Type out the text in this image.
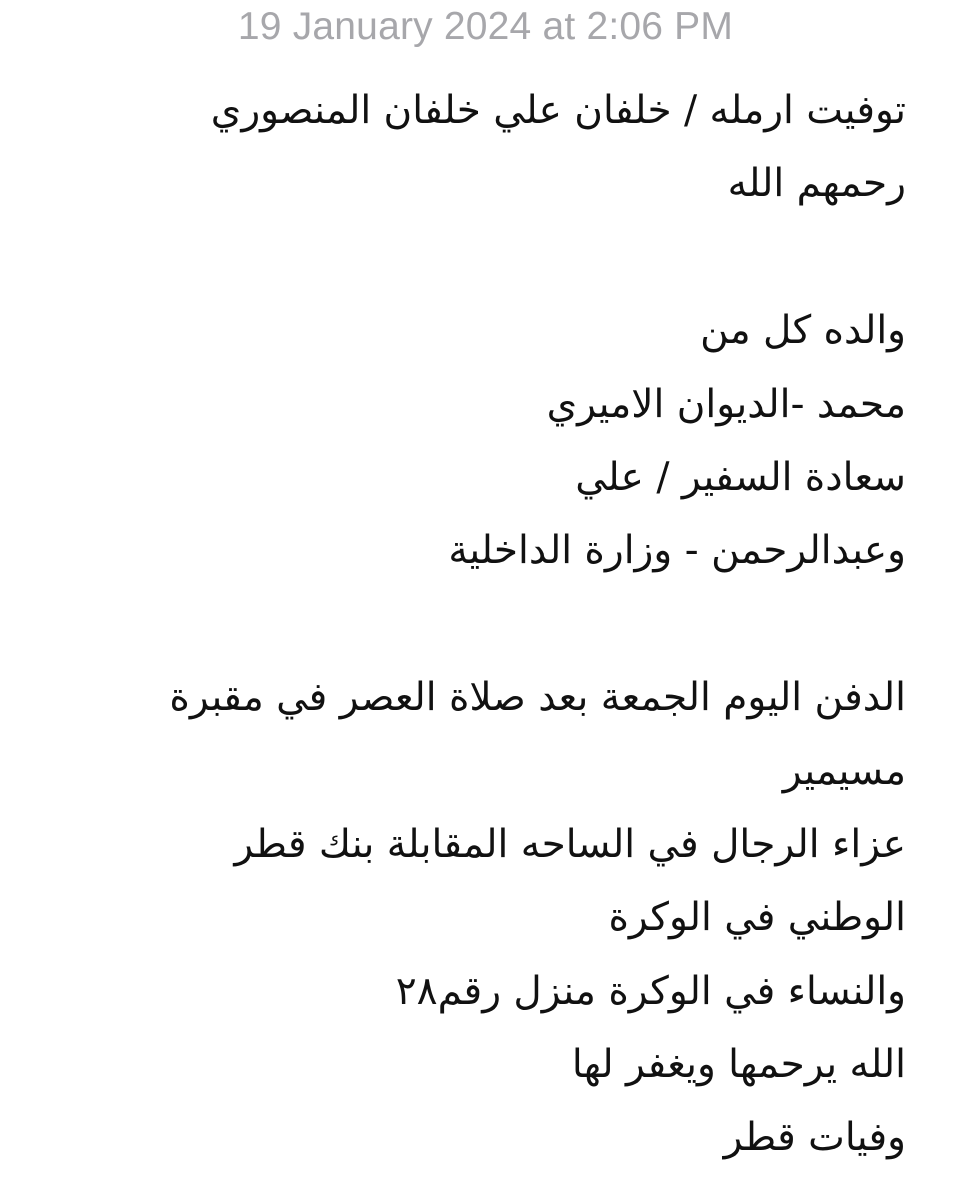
19 January 2024 at 2:06 PM
توفيت ارمله / خلفان علي خلفان المنصوري
رحمهم الله
والده كل من
محمد -الديوان الاميري
سعادة السفير / علي
وعبدالرحمن - وزارة الداخلية
الدفن اليوم الجمعة بعد صلاة العصر في مقبرة
مسيمير
عزاء الرجال في الساحه المقابلة بنك قطر
الوطني في الوكرة
والنساء في الوكرة منزل رقم٢٨
الله يرحمها ويغفر لها
وفيات قطر
